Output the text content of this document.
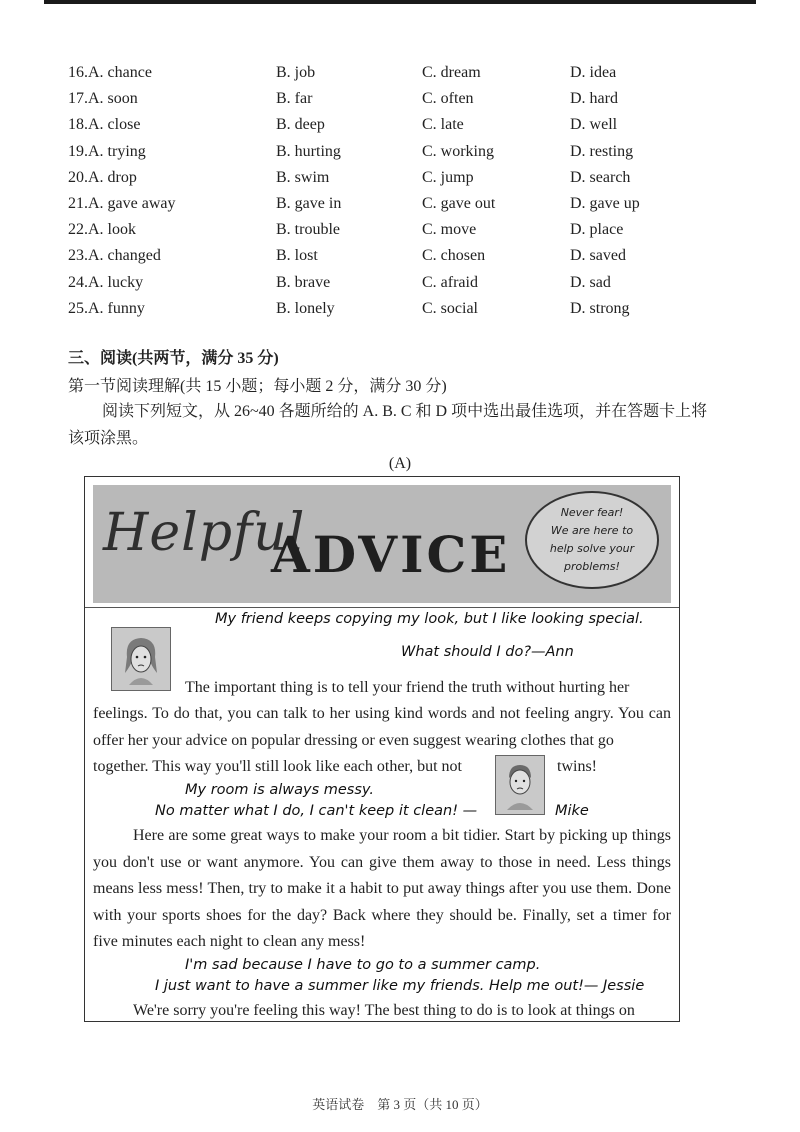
16.A. chance	B. job	C. dream	D. idea
17.A. soon	B. far	C. often	D. hard
18.A. close	B. deep	C. late	D. well
19.A. trying	B. hurting	C. working	D. resting
20.A. drop	B. swim	C. jump	D. search
21.A. gave away	B. gave in	C. gave out	D. gave up
22.A. look	B. trouble	C. move	D. place
23.A. changed	B. lost	C. chosen	D. saved
24.A. lucky	B. brave	C. afraid	D. sad
25.A. funny	B. lonely	C. social	D. strong
三、阅读(共两节，满分 35 分)
第一节阅读理解(共 15 小题；每小题 2 分，满分 30 分)
阅读下列短文，从 26~40 各题所给的 A. B. C 和 D 项中选出最佳选项，并在答题卡上将该项涂黑。
(A)
Helpful
ADVICE
Never fear!
We are here to
help solve your
problems!
My friend keeps copying my look, but I like looking special.
What should I do?—Ann
The important thing is to tell your friend the truth without hurting her
feelings. To do that, you can talk to her using kind words and not feeling angry. You can offer her your advice on popular dressing or even suggest wearing clothes that go
together. This way you'll still look like each other, but not	twins!
My room is always messy.
No matter what I do, I can't keep it clean! —	Mike
Here are some great ways to make your room a bit tidier. Start by picking up things you don't use or want anymore. You can give them away to those in need. Less things means less mess! Then, try to make it a habit to put away things after you use them. Done with your sports shoes for the day? Back where they should be. Finally, set a timer for five minutes each night to clean any mess!
I'm sad because I have to go to a summer camp.
I just want to have a summer like my friends. Help me out!— Jessie
We're sorry you're feeling this way! The best thing to do is to look at things on
英语试卷　第 3 页（共 10 页）
